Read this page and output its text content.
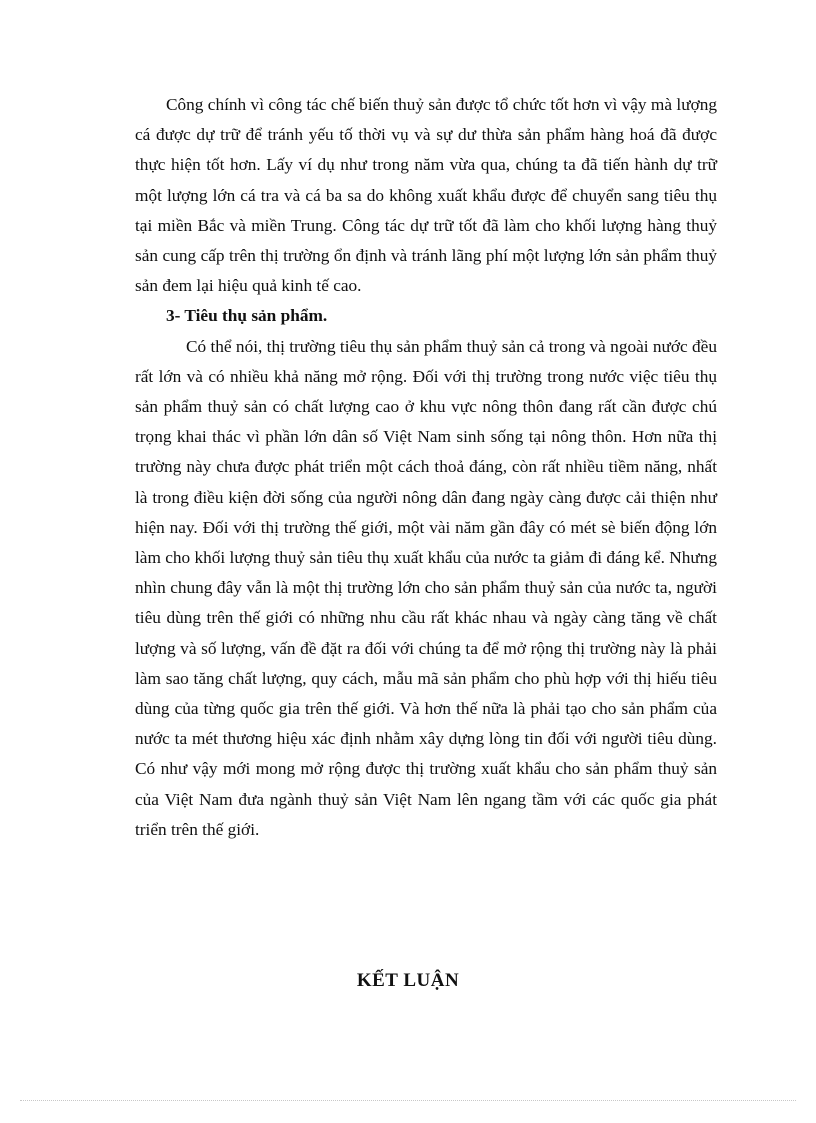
Công chính vì công tác chế biến thuỷ sản được tổ chức tốt hơn vì vậy mà lượng cá được dự trữ để tránh yếu tố thời vụ và sự dư thừa sản phẩm hàng hoá đã được thực hiện tốt hơn. Lấy ví dụ như trong năm vừa qua, chúng ta đã tiến hành dự trữ một lượng lớn cá tra và cá ba sa do không xuất khẩu được để chuyển sang tiêu thụ tại miền Bắc và miền Trung. Công tác dự trữ tốt đã làm cho khối lượng hàng thuỷ sản cung cấp trên thị trường ổn định và tránh lãng phí một lượng lớn sản phẩm thuỷ sản đem lại hiệu quả kinh tế cao.

3- Tiêu thụ sản phẩm.

Có thể nói, thị trường tiêu thụ sản phẩm thuỷ sản cả trong và ngoài nước đều rất lớn và có nhiều khả năng mở rộng. Đối với thị trường trong nước việc tiêu thụ sản phẩm thuỷ sản có chất lượng cao ở khu vực nông thôn đang rất cần được chú trọng khai thác vì phần lớn dân số Việt Nam sinh sống tại nông thôn. Hơn nữa thị trường này chưa được phát triển một cách thoả đáng, còn rất nhiều tiềm năng, nhất là trong điều kiện đời sống của người nông dân đang ngày càng được cải thiện như hiện nay. Đối với thị trường thế giới, một vài năm gần đây có mét sè biến động lớn làm cho khối lượng thuỷ sản tiêu thụ xuất khẩu của nước ta giảm đi đáng kể. Nhưng nhìn chung đây vẫn là một thị trường lớn cho sản phẩm thuỷ sản của nước ta, người tiêu dùng trên thế giới có những nhu cầu rất khác nhau và ngày càng tăng về chất lượng và số lượng, vấn đề đặt ra đối với chúng ta để mở rộng thị trường này là phải làm sao tăng chất lượng, quy cách, mẫu mã sản phẩm cho phù hợp với thị hiếu tiêu dùng của từng quốc gia trên thế giới. Và hơn thế nữa là phải tạo cho sản phẩm của nước ta mét thương hiệu xác định nhằm xây dựng lòng tin đối với người tiêu dùng. Có như vậy mới mong mở rộng được thị trường xuất khẩu cho sản phẩm thuỷ sản của Việt Nam đưa ngành thuỷ sản Việt Nam lên ngang tầm với các quốc gia phát triển trên thế giới.

KẾT LUẬN
